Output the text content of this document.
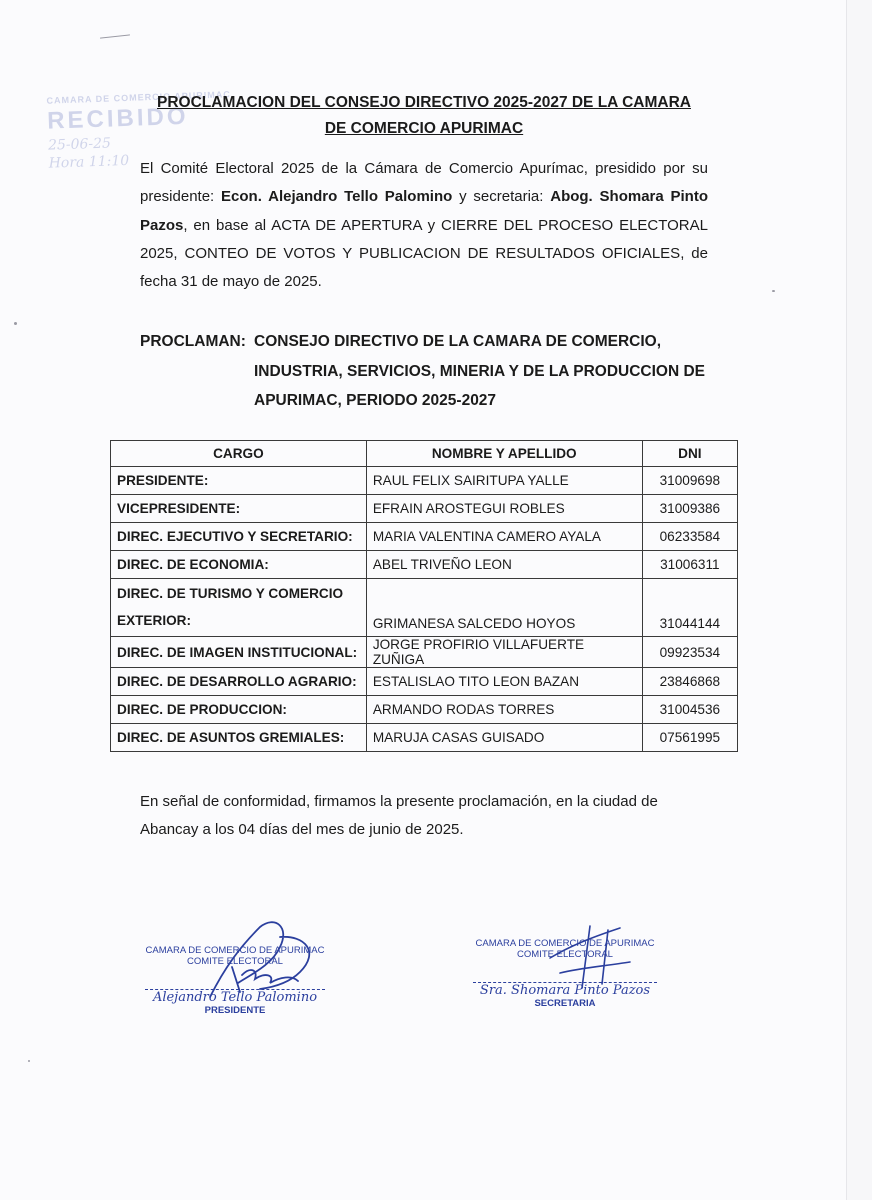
CAMARA DE COMERCIO APURIMAC
RECIBIDO
25-06-25
Hora 11:10
PROCLAMACION DEL CONSEJO DIRECTIVO 2025-2027 DE LA CAMARA DE COMERCIO APURIMAC
El Comité Electoral 2025 de la Cámara de Comercio Apurímac, presidido por su presidente: Econ. Alejandro Tello Palomino y secretaria: Abog. Shomara Pinto Pazos, en base al ACTA DE APERTURA y CIERRE DEL PROCESO ELECTORAL 2025, CONTEO DE VOTOS Y PUBLICACION DE RESULTADOS OFICIALES, de fecha 31 de mayo de 2025.
PROCLAMAN: CONSEJO DIRECTIVO DE LA CAMARA DE COMERCIO, INDUSTRIA, SERVICIOS, MINERIA Y DE LA PRODUCCION DE APURIMAC, PERIODO 2025-2027
CARGO	NOMBRE Y APELLIDO	DNI
PRESIDENTE:	RAUL FELIX SAIRITUPA YALLE	31009698
VICEPRESIDENTE:	EFRAIN AROSTEGUI ROBLES	31009386
DIREC. EJECUTIVO Y SECRETARIO:	MARIA VALENTINA CAMERO AYALA	06233584
DIREC. DE ECONOMIA:	ABEL TRIVEÑO LEON	31006311
DIREC. DE TURISMO Y COMERCIO EXTERIOR:	GRIMANESA SALCEDO HOYOS	31044144
DIREC. DE IMAGEN INSTITUCIONAL:	JORGE PROFIRIO VILLAFUERTE ZUÑIGA	09923534
DIREC. DE DESARROLLO AGRARIO:	ESTALISLAO TITO LEON BAZAN	23846868
DIREC. DE PRODUCCION:	ARMANDO RODAS TORRES	31004536
DIREC. DE ASUNTOS GREMIALES:	MARUJA CASAS GUISADO	07561995
En señal de conformidad, firmamos la presente proclamación, en la ciudad de Abancay a los 04 días del mes de junio de 2025.
CAMARA DE COMERCIO DE APURIMAC
COMITE ELECTORAL
Alejandro Tello Palomino
PRESIDENTE
CAMARA DE COMERCIO DE APURIMAC
COMITE ELECTORAL
Sra. Shomara Pinto Pazos
SECRETARIA
